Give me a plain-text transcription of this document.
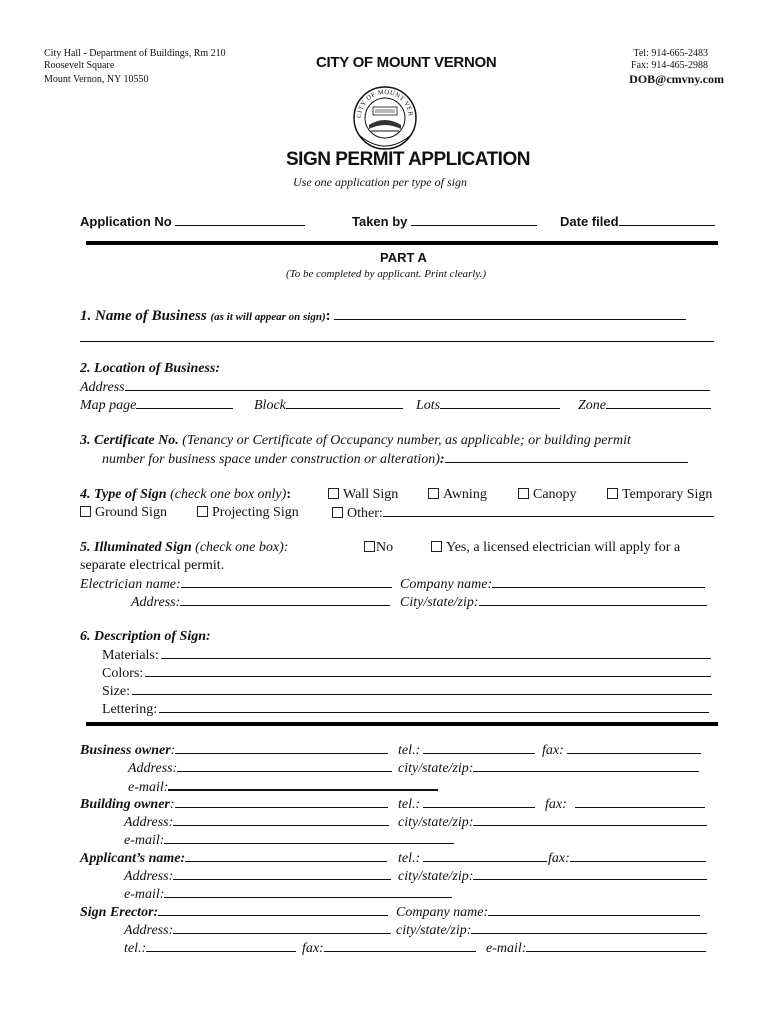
City Hall - Department of Buildings, Rm 210
Roosevelt Square
Mount Vernon, NY 10550
CITY OF MOUNT VERNON
Tel: 914-665-2483
Fax: 914-465-2988
DOB@cmvny.com
CITY OF MOUNT VER
SIGN PERMIT APPLICATION
Use one application per type of sign
Application No	Taken by	Date filed
PART A
(To be completed by applicant. Print clearly.)
1. Name of Business (as it will appear on sign):
2. Location of Business:
Address
Map page	Block	Lots	Zone
3. Certificate No. (Tenancy or Certificate of Occupancy number, as applicable; or building permit
number for business space under construction or alteration):
4. Type of Sign (check one box only):	Wall Sign	Awning	Canopy	Temporary Sign
Ground Sign	Projecting Sign	Other:
5. Illuminated Sign (check one box):	No	Yes, a licensed electrician will apply for a
separate electrical permit.
Electrician name:	Company name:
Address:	City/state/zip:
6. Description of Sign:
Materials:
Colors:
Size:
Lettering:
Business owner:	tel.:	fax:
Address:	city/state/zip:
e-mail:
Building owner:	tel.:	fax:
Address:	city/state/zip:
e-mail:
Applicant’s name:	tel.:	fax:
Address:	city/state/zip:
e-mail:
Sign Erector:	Company name:
Address:	city/state/zip:
tel.:	fax:	e-mail:
